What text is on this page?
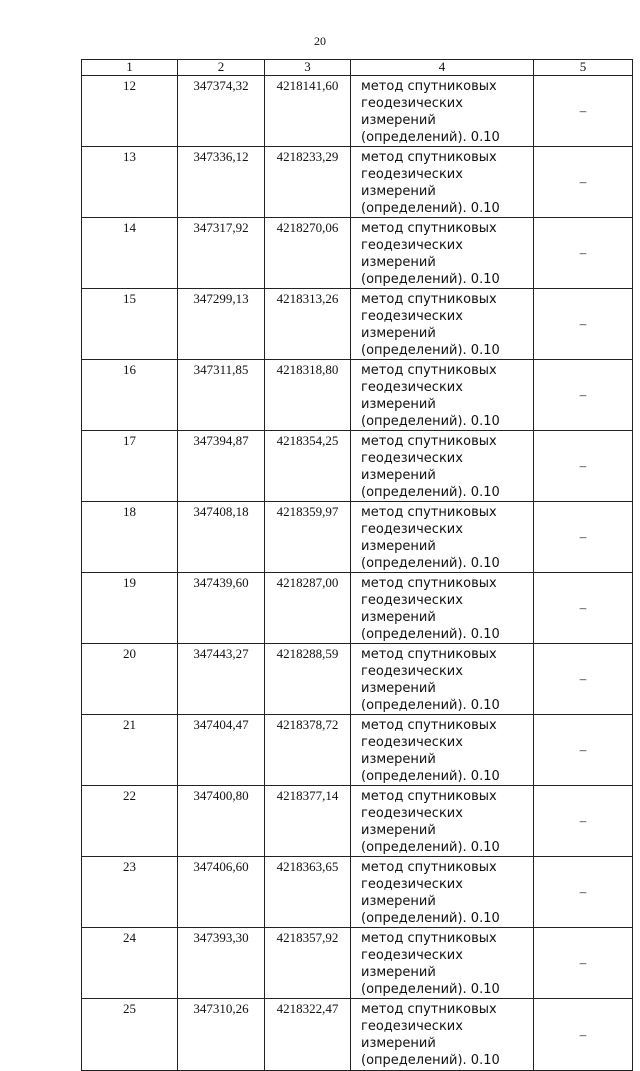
20
1	2	3	4	5
12	347374,32	4218141,60	метод спутниковых
геодезических измерений
(определений). 0.10	–
13	347336,12	4218233,29	метод спутниковых
геодезических измерений
(определений). 0.10	–
14	347317,92	4218270,06	метод спутниковых
геодезических измерений
(определений). 0.10	–
15	347299,13	4218313,26	метод спутниковых
геодезических измерений
(определений). 0.10	–
16	347311,85	4218318,80	метод спутниковых
геодезических измерений
(определений). 0.10	–
17	347394,87	4218354,25	метод спутниковых
геодезических измерений
(определений). 0.10	–
18	347408,18	4218359,97	метод спутниковых
геодезических измерений
(определений). 0.10	–
19	347439,60	4218287,00	метод спутниковых
геодезических измерений
(определений). 0.10	–
20	347443,27	4218288,59	метод спутниковых
геодезических измерений
(определений). 0.10	–
21	347404,47	4218378,72	метод спутниковых
геодезических измерений
(определений). 0.10	–
22	347400,80	4218377,14	метод спутниковых
геодезических измерений
(определений). 0.10	–
23	347406,60	4218363,65	метод спутниковых
геодезических измерений
(определений). 0.10	–
24	347393,30	4218357,92	метод спутниковых
геодезических измерений
(определений). 0.10	–
25	347310,26	4218322,47	метод спутниковых
геодезических измерений
(определений). 0.10	–
